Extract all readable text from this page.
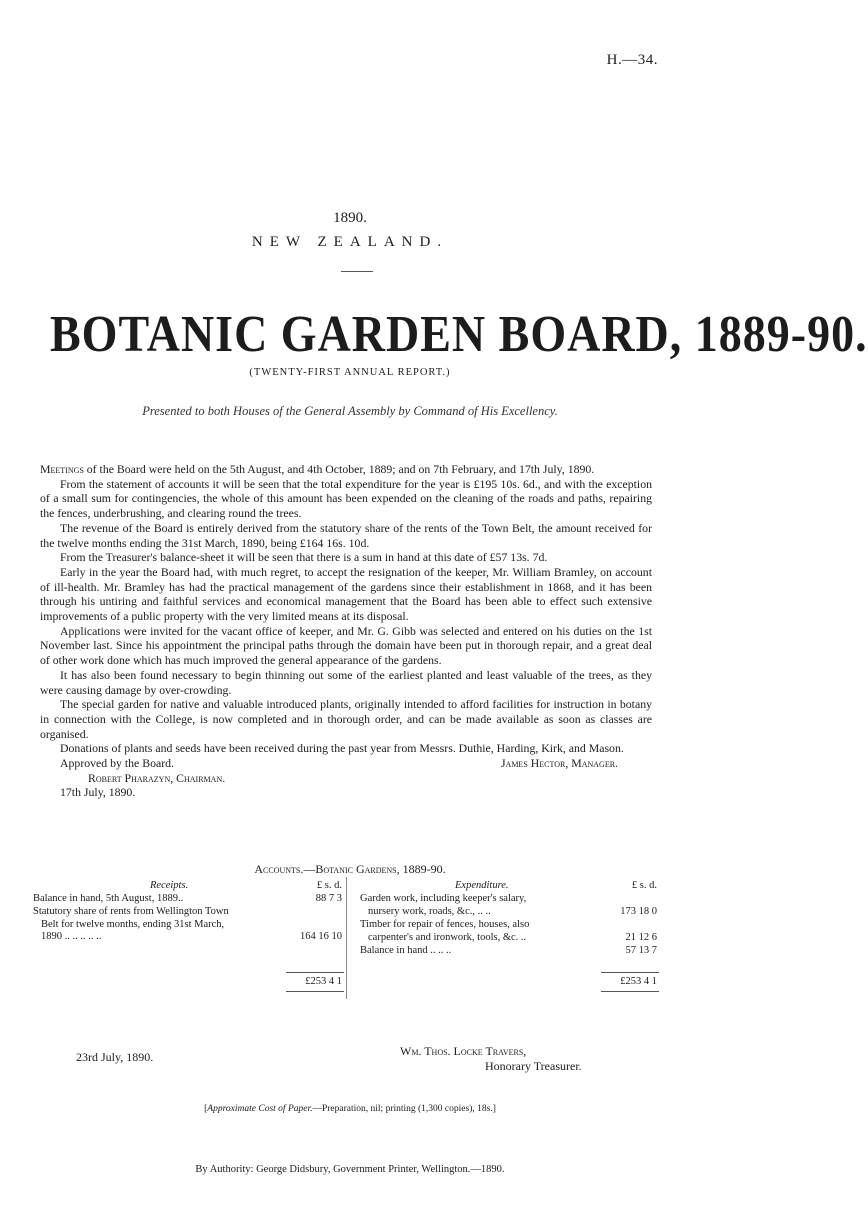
H.—34.
1890.
NEW ZEALAND.
BOTANIC GARDEN BOARD, 1889-90.
(TWENTY-FIRST ANNUAL REPORT.)
Presented to both Houses of the General Assembly by Command of His Excellency.

Meetings of the Board were held on the 5th August, and 4th October, 1889; and on 7th February, and 17th July, 1890.

From the statement of accounts it will be seen that the total expenditure for the year is £195 10s. 6d., and with the exception of a small sum for contingencies, the whole of this amount has been expended on the cleaning of the roads and paths, repairing the fences, underbrushing, and clearing round the trees.

The revenue of the Board is entirely derived from the statutory share of the rents of the Town Belt, the amount received for the twelve months ending the 31st March, 1890, being £164 16s. 10d.

From the Treasurer's balance-sheet it will be seen that there is a sum in hand at this date of £57 13s. 7d.

Early in the year the Board had, with much regret, to accept the resignation of the keeper, Mr. William Bramley, on account of ill-health. Mr. Bramley has had the practical management of the gardens since their establishment in 1868, and it has been through his untiring and faithful services and economical management that the Board has been able to effect such extensive improvements of a public property with the very limited means at its disposal.

Applications were invited for the vacant office of keeper, and Mr. G. Gibb was selected and entered on his duties on the 1st November last. Since his appointment the principal paths through the domain have been put in thorough repair, and a great deal of other work done which has much improved the general appearance of the gardens.

It has also been found necessary to begin thinning out some of the earliest planted and least valuable of the trees, as they were causing damage by over-crowding.

The special garden for native and valuable introduced plants, originally intended to afford facilities for instruction in botany in connection with the College, is now completed and in thorough order, and can be made available as soon as classes are organised.

Donations of plants and seeds have been received during the past year from Messrs. Duthie, Harding, Kirk, and Mason.

Approved by the Board.	James Hector, Manager.
Robert Pharazyn, Chairman.
17th July, 1890.
Accounts.—Botanic Gardens, 1889-90.
Receipts.	£ s. d.
Balance in hand, 5th August, 1889..	88 7 3
Statutory share of rents from Wellington Town
Belt for twelve months, ending 31st March,
1890 .. .. .. .. ..	164 16 10
£253 4 1
Expenditure.	£ s. d.
Garden work, including keeper's salary,
nursery work, roads, &c., .. ..	173 18 0
Timber for repair of fences, houses, also
carpenter's and ironwork, tools, &c. ..	21 12 6
Balance in hand .. .. ..	57 13 7
£253 4 1
23rd July, 1890.	Wm. Thos. Locke Travers,
Honorary Treasurer.
[Approximate Cost of Paper.—Preparation, nil; printing (1,300 copies), 18s.]
By Authority: George Didsbury, Government Printer, Wellington.—1890.
